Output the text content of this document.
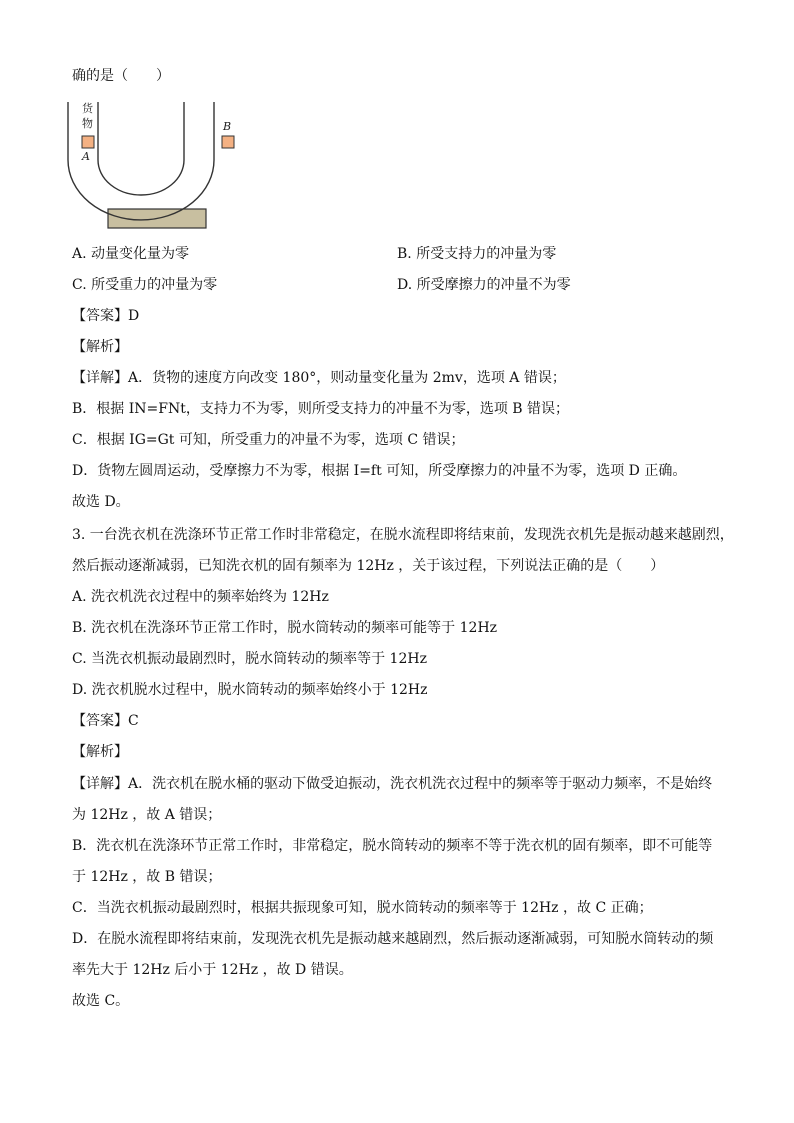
确的是（　　）
货
物
A
B
A. 动量变化量为零	B. 所受支持力的冲量为零
C. 所受重力的冲量为零	D. 所受摩擦力的冲量不为零
【答案】D
【解析】
【详解】A．货物的速度方向改变 180°，则动量变化量为 2mv，选项 A 错误；
B．根据 IN=FNt，支持力不为零，则所受支持力的冲量不为零，选项 B 错误；
C．根据 IG=Gt 可知，所受重力的冲量不为零，选项 C 错误；
D．货物左圆周运动，受摩擦力不为零，根据 I=ft 可知，所受摩擦力的冲量不为零，选项 D 正确。
故选 D。
3. 一台洗衣机在洗涤环节正常工作时非常稳定，在脱水流程即将结束前，发现洗衣机先是振动越来越剧烈，
然后振动逐渐减弱，已知洗衣机的固有频率为 12Hz ，关于该过程，下列说法正确的是（　　）
A. 洗衣机洗衣过程中的频率始终为 12Hz
B. 洗衣机在洗涤环节正常工作时，脱水筒转动的频率可能等于 12Hz
C. 当洗衣机振动最剧烈时，脱水筒转动的频率等于 12Hz
D. 洗衣机脱水过程中，脱水筒转动的频率始终小于 12Hz
【答案】C
【解析】
【详解】A．洗衣机在脱水桶的驱动下做受迫振动，洗衣机洗衣过程中的频率等于驱动力频率，不是始终
为 12Hz ，故 A 错误；
B．洗衣机在洗涤环节正常工作时，非常稳定，脱水筒转动的频率不等于洗衣机的固有频率，即不可能等
于 12Hz ，故 B 错误；
C．当洗衣机振动最剧烈时，根据共振现象可知，脱水筒转动的频率等于 12Hz ，故 C 正确；
D．在脱水流程即将结束前，发现洗衣机先是振动越来越剧烈，然后振动逐渐减弱，可知脱水筒转动的频
率先大于 12Hz 后小于 12Hz ，故 D 错误。
故选 C。
